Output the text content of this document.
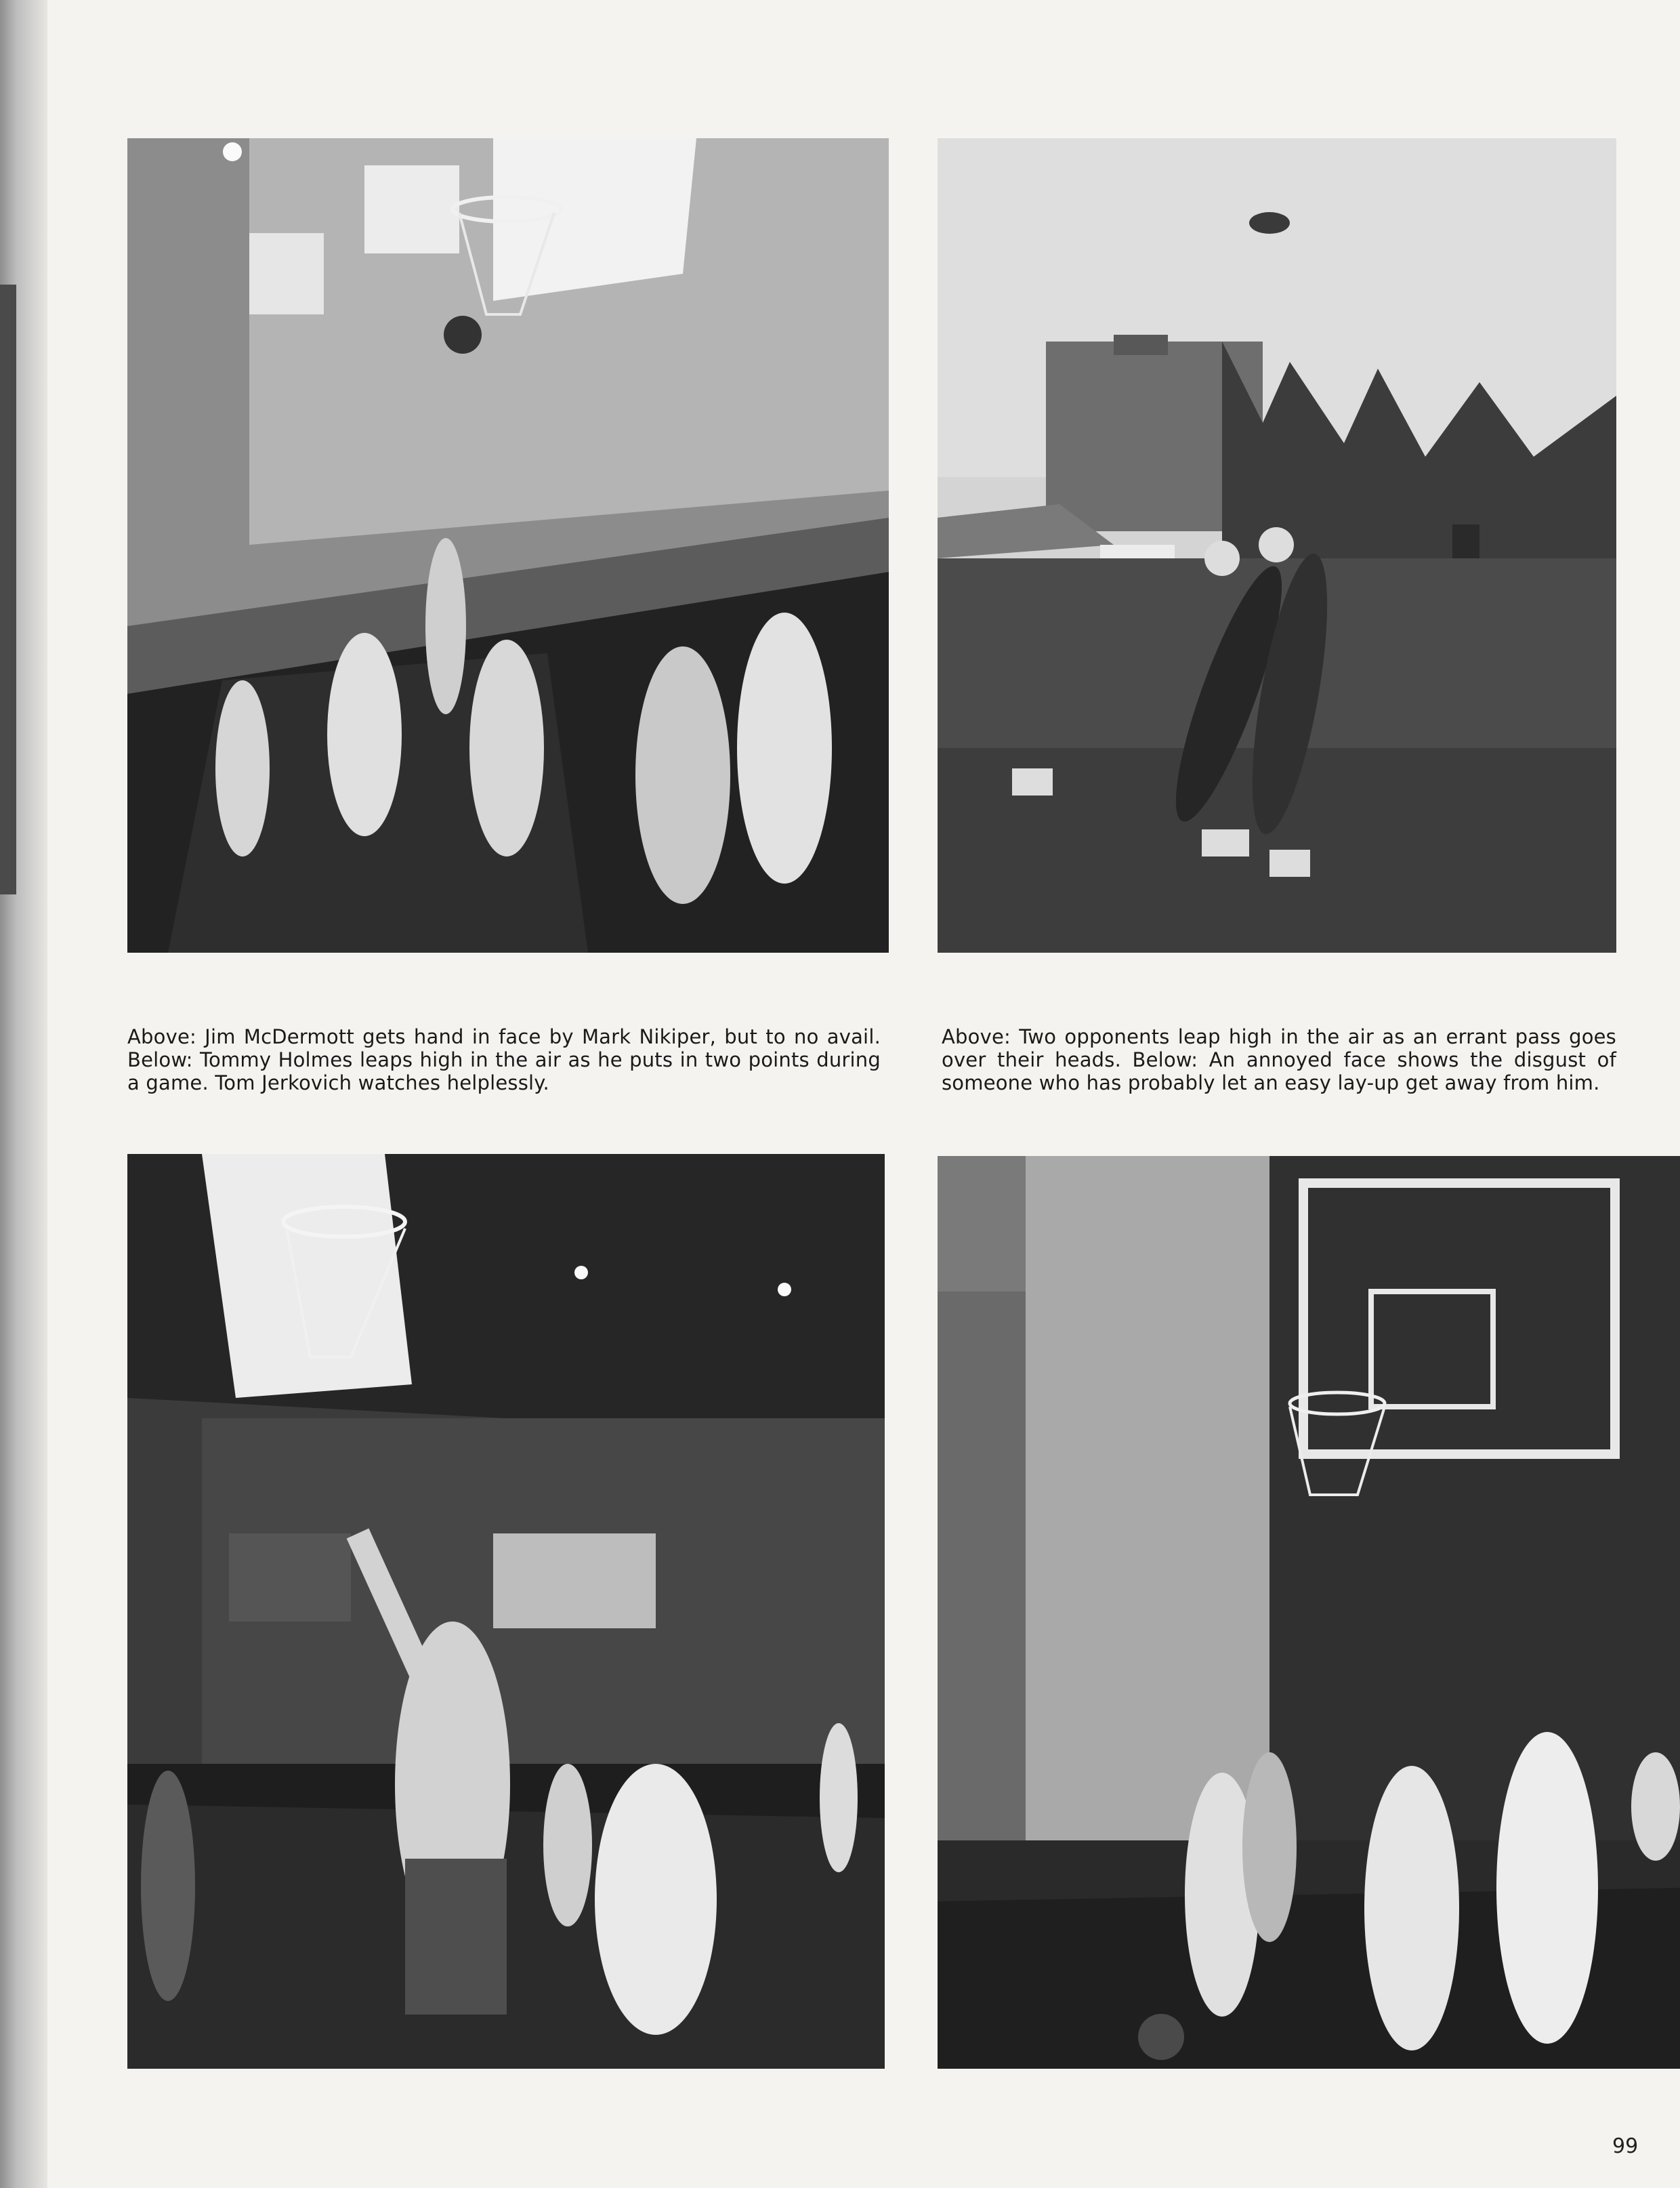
Above: Jim McDermott gets hand in face by Mark Nikiper, but to no avail. Below: Tommy Holmes leaps high in the air as he puts in two points during a game. Tom Jerkovich watches helplessly.

Above: Two opponents leap high in the air as an errant pass goes over their heads. Below: An annoyed face shows the disgust of someone who has probably let an easy lay-up get away from him.

99
